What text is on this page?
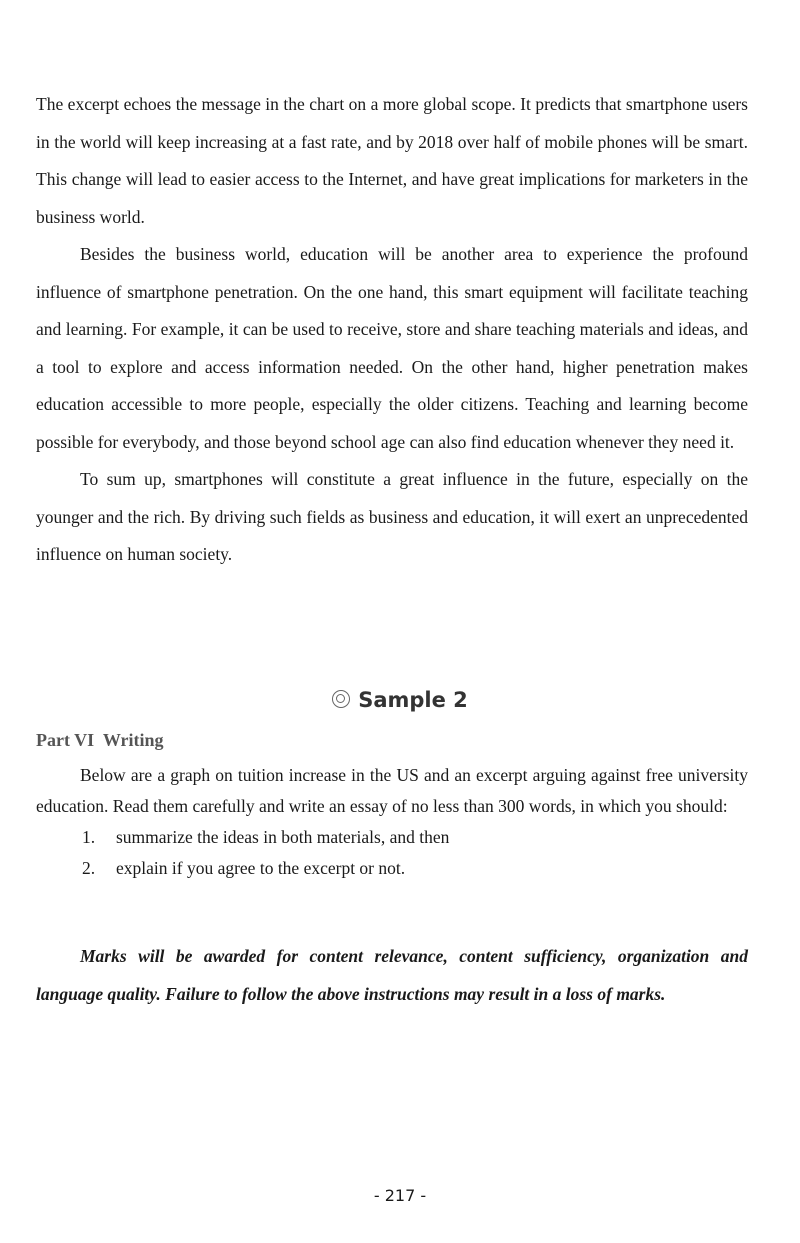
The excerpt echoes the message in the chart on a more global scope. It predicts that smartphone users in the world will keep increasing at a fast rate, and by 2018 over half of mobile phones will be smart. This change will lead to easier access to the Internet, and have great implications for marketers in the business world.

Besides the business world, education will be another area to experience the profound influence of smartphone penetration. On the one hand, this smart equipment will facilitate teaching and learning. For example, it can be used to receive, store and share teaching materials and ideas, and a tool to explore and access information needed. On the other hand, higher penetration makes education accessible to more people, especially the older citizens. Teaching and learning become possible for everybody, and those beyond school age can also find education whenever they need it.

To sum up, smartphones will constitute a great influence in the future, especially on the younger and the rich. By driving such fields as business and education, it will exert an unprecedented influence on human society.

Sample 2
Part VI  Writing

Below are a graph on tuition increase in the US and an excerpt arguing against free university education. Read them carefully and write an essay of no less than 300 words, in which you should:

1. summarize the ideas in both materials, and then
2. explain if you agree to the excerpt or not.

Marks will be awarded for content relevance, content sufficiency, organization and language quality. Failure to follow the above instructions may result in a loss of marks.

- 217 -
